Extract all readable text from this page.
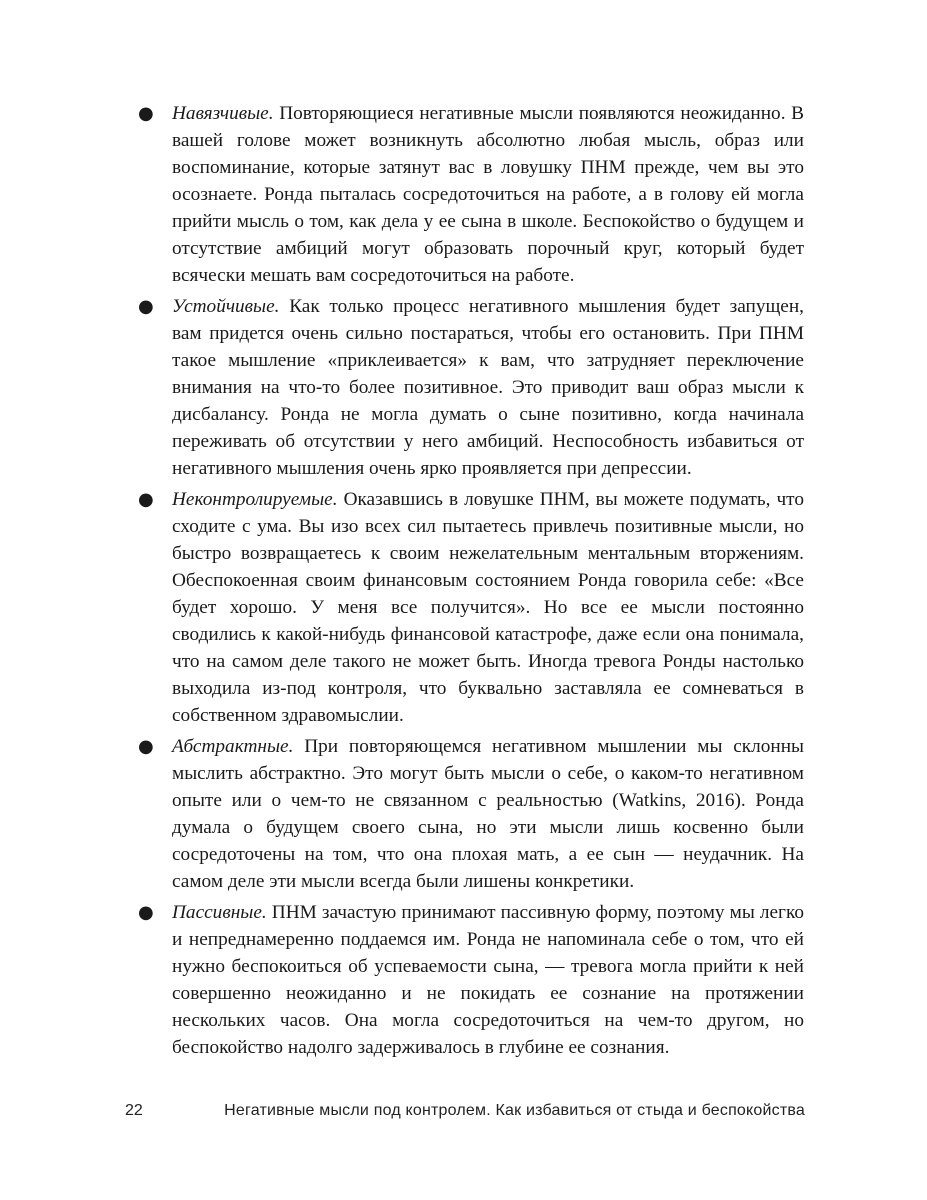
● Навязчивые. Повторяющиеся негативные мысли появляются неожиданно. В вашей голове может возникнуть абсолютно любая мысль, образ или воспоминание, которые затянут вас в ловушку ПНМ прежде, чем вы это осознаете. Ронда пыталась сосредоточиться на работе, а в голову ей могла прийти мысль о том, как дела у ее сына в школе. Беспокойство о будущем и отсутствие амбиций могут образовать порочный круг, который будет всячески мешать вам сосредоточиться на работе.
● Устойчивые. Как только процесс негативного мышления будет запущен, вам придется очень сильно постараться, чтобы его остановить. При ПНМ такое мышление «приклеивается» к вам, что затрудняет переключение внимания на что-то более позитивное. Это приводит ваш образ мысли к дисбалансу. Ронда не могла думать о сыне позитивно, когда начинала переживать об отсутствии у него амбиций. Неспособность избавиться от негативного мышления очень ярко проявляется при депрессии.
● Неконтролируемые. Оказавшись в ловушке ПНМ, вы можете подумать, что сходите с ума. Вы изо всех сил пытаетесь привлечь позитивные мысли, но быстро возвращаетесь к своим нежелательным ментальным вторжениям. Обеспокоенная своим финансовым состоянием Ронда говорила себе: «Все будет хорошо. У меня все получится». Но все ее мысли постоянно сводились к какой-нибудь финансовой катастрофе, даже если она понимала, что на самом деле такого не может быть. Иногда тревога Ронды настолько выходила из-под контроля, что буквально заставляла ее сомневаться в собственном здравомыслии.
● Абстрактные. При повторяющемся негативном мышлении мы склонны мыслить абстрактно. Это могут быть мысли о себе, о каком-то негативном опыте или о чем-то не связанном с реальностью (Watkins, 2016). Ронда думала о будущем своего сына, но эти мысли лишь косвенно были сосредоточены на том, что она плохая мать, а ее сын — неудачник. На самом деле эти мысли всегда были лишены конкретики.
● Пассивные. ПНМ зачастую принимают пассивную форму, поэтому мы легко и непреднамеренно поддаемся им. Ронда не напоминала себе о том, что ей нужно беспокоиться об успеваемости сына, — тревога могла прийти к ней совершенно неожиданно и не покидать ее сознание на протяжении нескольких часов. Она могла сосредоточиться на чем-то другом, но беспокойство надолго задерживалось в глубине ее сознания.
22	Негативные мысли под контролем. Как избавиться от стыда и беспокойства
